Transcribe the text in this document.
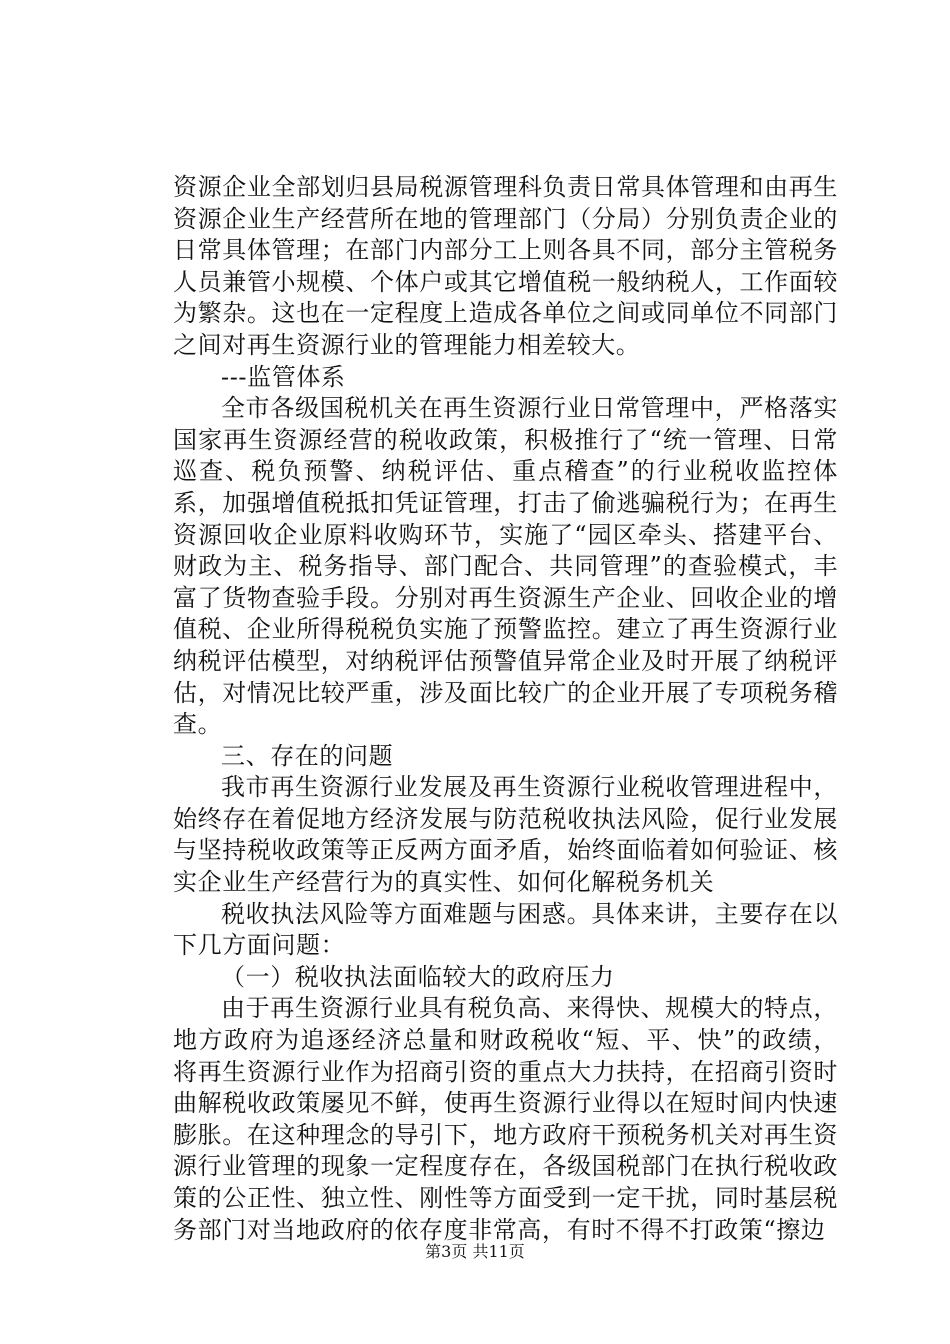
资源企业全部划归县局税源管理科负责日常具体管理和由再生资源企业生产经营所在地的管理部门（分局）分别负责企业的日常具体管理；在部门内部分工上则各具不同，部分主管税务人员兼管小规模、个体户或其它增值税一般纳税人，工作面较为繁杂。这也在一定程度上造成各单位之间或同单位不同部门之间对再生资源行业的管理能力相差较大。

---监管体系

全市各级国税机关在再生资源行业日常管理中，严格落实国家再生资源经营的税收政策，积极推行了“统一管理、日常巡查、税负预警、纳税评估、重点稽查”的行业税收监控体系，加强增值税抵扣凭证管理，打击了偷逃骗税行为；在再生资源回收企业原料收购环节，实施了“园区牵头、搭建平台、财政为主、税务指导、部门配合、共同管理”的查验模式，丰富了货物查验手段。分别对再生资源生产企业、回收企业的增值税、企业所得税税负实施了预警监控。建立了再生资源行业纳税评估模型，对纳税评估预警值异常企业及时开展了纳税评估，对情况比较严重，涉及面比较广的企业开展了专项税务稽查。

三、存在的问题

我市再生资源行业发展及再生资源行业税收管理进程中，始终存在着促地方经济发展与防范税收执法风险，促行业发展与坚持税收政策等正反两方面矛盾，始终面临着如何验证、核实企业生产经营行为的真实性、如何化解税务机关

税收执法风险等方面难题与困惑。具体来讲，主要存在以下几方面问题：

（一）税收执法面临较大的政府压力

由于再生资源行业具有税负高、来得快、规模大的特点，地方政府为追逐经济总量和财政税收“短、平、快”的政绩，将再生资源行业作为招商引资的重点大力扶持，在招商引资时曲解税收政策屡见不鲜，使再生资源行业得以在短时间内快速膨胀。在这种理念的导引下，地方政府干预税务机关对再生资源行业管理的现象一定程度存在，各级国税部门在执行税收政策的公正性、独立性、刚性等方面受到一定干扰，同时基层税务部门对当地政府的依存度非常高，有时不得不打政策“擦边

第3页 共11页
